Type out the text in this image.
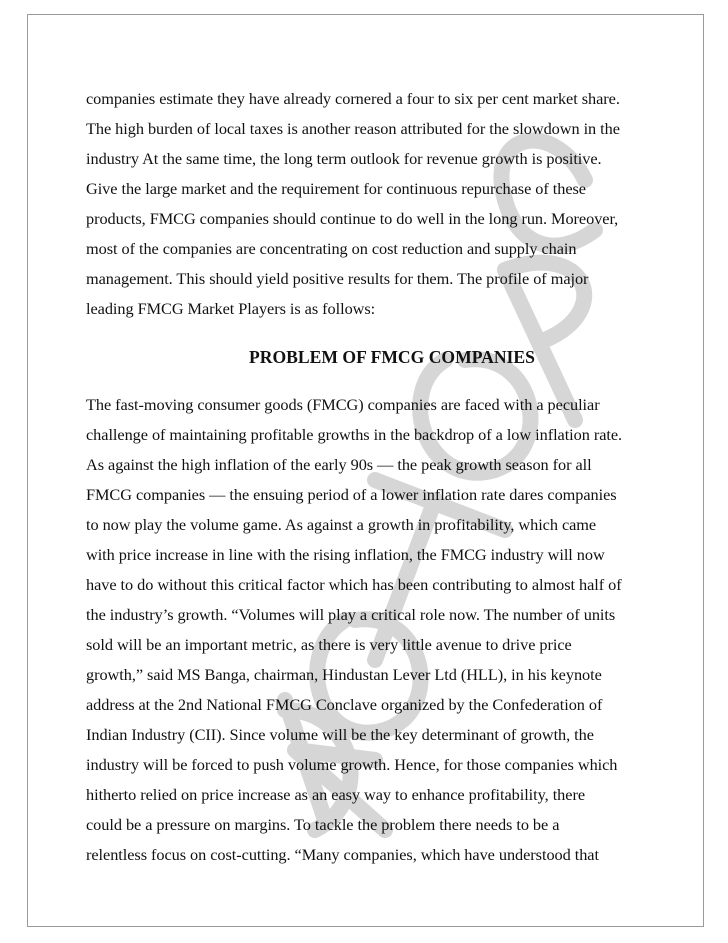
companies estimate they have already cornered a four to six per cent market share.
The high burden of local taxes is another reason attributed for the slowdown in the
industry At the same time, the long term outlook for revenue growth is positive.
Give the large market and the requirement for continuous repurchase of these
products, FMCG companies should continue to do well in the long run. Moreover,
most of the companies are concentrating on cost reduction and supply chain
management. This should yield positive results for them. The profile of major
leading FMCG Market Players is as follows:
PROBLEM OF FMCG COMPANIES
The fast-moving consumer goods (FMCG) companies are faced with a peculiar
challenge of maintaining profitable growths in the backdrop of a low inflation rate.
As against the high inflation of the early 90s — the peak growth season for all
FMCG companies — the ensuing period of a lower inflation rate dares companies
to now play the volume game. As against a growth in profitability, which came
with price increase in line with the rising inflation, the FMCG industry will now
have to do without this critical factor which has been contributing to almost half of
the industry’s growth. “Volumes will play a critical role now. The number of units
sold will be an important metric, as there is very little avenue to drive price
growth,” said MS Banga, chairman, Hindustan Lever Ltd (HLL), in his keynote
address at the 2nd National FMCG Conclave organized by the Confederation of
Indian Industry (CII). Since volume will be the key determinant of growth, the
industry will be forced to push volume growth. Hence, for those companies which
hitherto relied on price increase as an easy way to enhance profitability, there
could be a pressure on margins. To tackle the problem there needs to be a
relentless focus on cost-cutting. “Many companies, which have understood that
